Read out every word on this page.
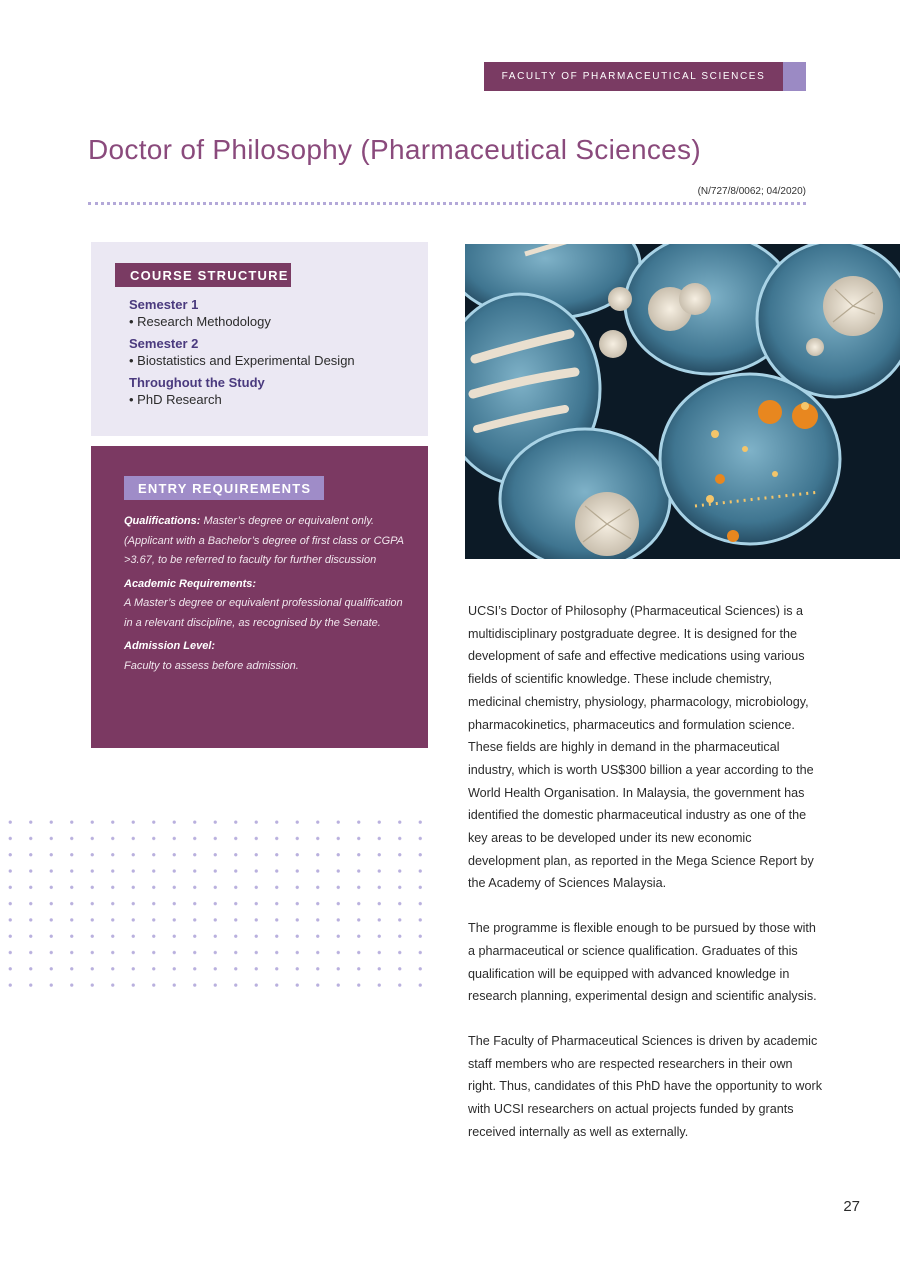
FACULTY OF PHARMACEUTICAL SCIENCES
Doctor of Philosophy (Pharmaceutical Sciences)
(N/727/8/0062; 04/2020)
COURSE STRUCTURE
Semester 1
• Research Methodology
Semester 2
• Biostatistics and Experimental Design
Throughout the Study
• PhD Research
ENTRY REQUIREMENTS

Qualifications: Master’s degree or equivalent only. (Applicant with a Bachelor’s degree of first class or CGPA >3.67, to be referred to faculty for further discussion

Academic Requirements:
A Master’s degree or equivalent professional qualification in a relevant discipline, as recognised by the Senate.

Admission Level:
Faculty to assess before admission.

UCSI’s Doctor of Philosophy (Pharmaceutical Sciences) is a multidisciplinary postgraduate degree. It is designed for the development of safe and effective medications using various fields of scientific knowledge. These include chemistry, medicinal chemistry, physiology, pharmacology, microbiology, pharmacokinetics, pharmaceutics and formulation science. These fields are highly in demand in the pharmaceutical industry, which is worth US$300 billion a year according to the World Health Organisation. In Malaysia, the government has identified the domestic pharmaceutical industry as one of the key areas to be developed under its new economic development plan, as reported in the Mega Science Report by the Academy of Sciences Malaysia.

The programme is flexible enough to be pursued by those with a pharmaceutical or science qualification. Graduates of this qualification will be equipped with advanced knowledge in research planning, experimental design and scientific analysis.

The Faculty of Pharmaceutical Sciences is driven by academic staff members who are respected researchers in their own right. Thus, candidates of this PhD have the opportunity to work with UCSI researchers on actual projects funded by grants received internally as well as externally.

27
